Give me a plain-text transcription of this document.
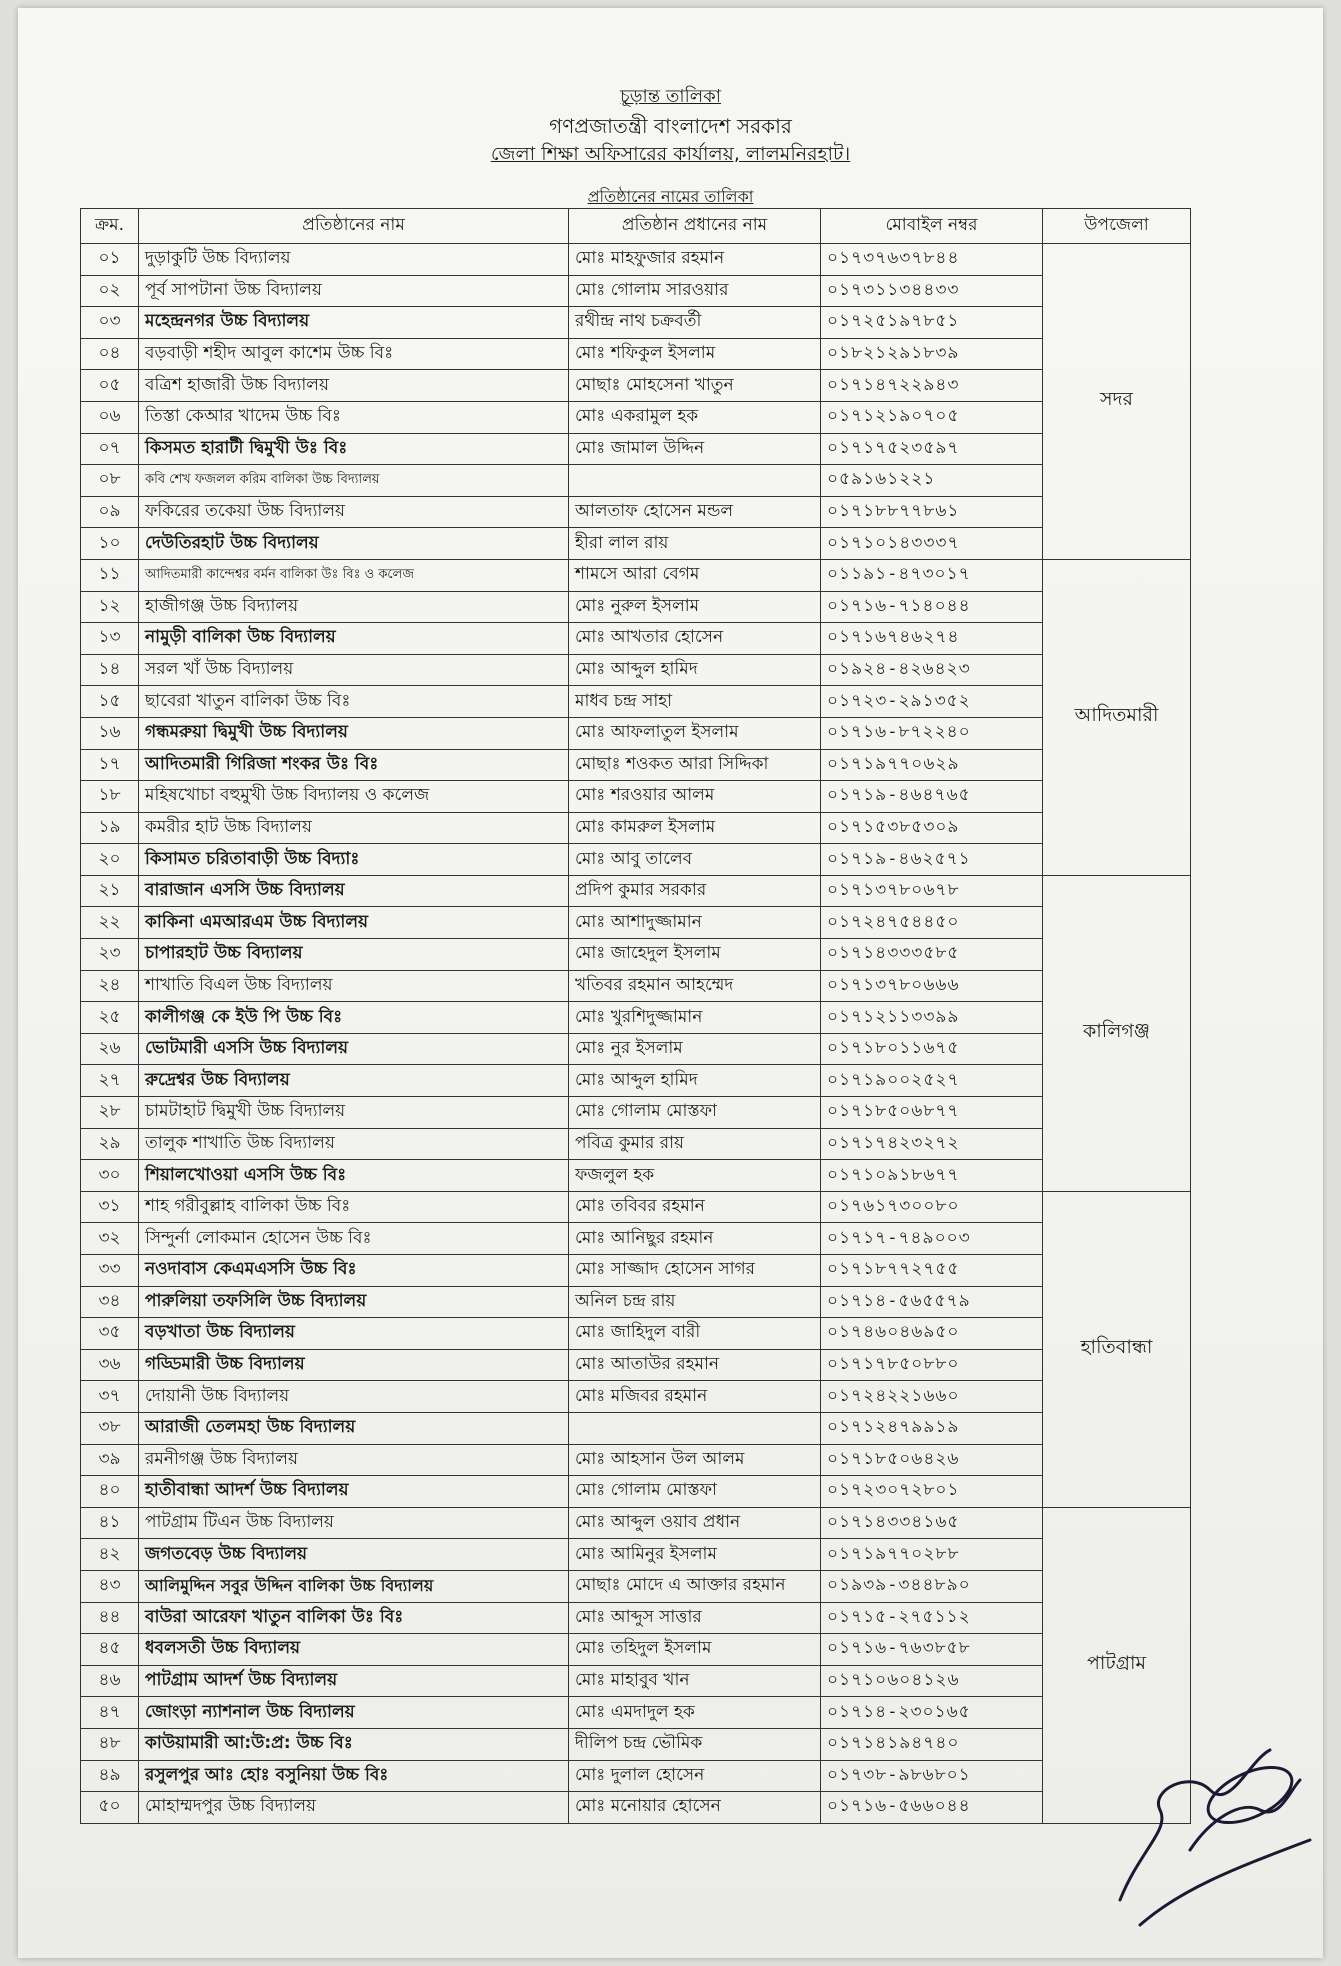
চূড়ান্ত তালিকা
গণপ্রজাতন্ত্রী বাংলাদেশ সরকার
জেলা শিক্ষা অফিসারের কার্যালয়, লালমনিরহাট।
প্রতিষ্ঠানের নামের তালিকা
ক্রম.	প্রতিষ্ঠানের নাম	প্রতিষ্ঠান প্রধানের নাম	মোবাইল নম্বর	উপজেলা
০১	দুড়াকুটি উচ্চ বিদ্যালয়	মোঃ মাহফুজার রহমান	০১৭৩৭৬৩৭৮৪৪	সদর
০২	পূর্ব সাপটানা উচ্চ বিদ্যালয়	মোঃ গোলাম সারওয়ার	০১৭৩১১৩৪৪৩৩	
০৩	মহেন্দ্রনগর উচ্চ বিদ্যালয়	রথীন্দ্র নাথ চক্রবর্তী	০১৭২৫১৯৭৮৫১	
০৪	বড়বাড়ী শহীদ আবুল কাশেম উচ্চ বিঃ	মোঃ শফিকুল ইসলাম	০১৮২১২৯১৮৩৯	
০৫	বত্রিশ হাজারী উচ্চ বিদ্যালয়	মোছাঃ মোহসেনা খাতুন	০১৭১৪৭২২৯৪৩	
০৬	তিস্তা কেআর খাদেম উচ্চ বিঃ	মোঃ একরামুল হক	০১৭১২১৯০৭০৫	
০৭	কিসমত হারাটী দ্বিমুখী উঃ বিঃ	মোঃ জামাল উদ্দিন	০১৭১৭৫২৩৫৯৭	
০৮	কবি শেখ ফজলল করিম বালিকা উচ্চ বিদ্যালয়		০৫৯১৬১২২১	
০৯	ফকিরের তকেয়া উচ্চ বিদ্যালয়	আলতাফ হোসেন মন্ডল	০১৭১৮৮৭৭৮৬১	
১০	দেউতিরহাট উচ্চ বিদ্যালয়	হীরা লাল রায়	০১৭১০১৪৩৩৩৭	
১১	আদিতমারী কান্দেশ্বর বর্মন বালিকা উঃ বিঃ ও কলেজ	শামসে আরা বেগম	০১১৯১-৪৭৩০১৭	আদিতমারী
১২	হাজীগঞ্জ উচ্চ বিদ্যালয়	মোঃ নুরুল ইসলাম	০১৭১৬-৭১৪০৪৪	
১৩	নামুড়ী বালিকা উচ্চ বিদ্যালয়	মোঃ আখতার হোসেন	০১৭১৬৭৪৬২৭৪	
১৪	সরল খাঁ উচ্চ বিদ্যালয়	মোঃ আব্দুল হামিদ	০১৯২৪-৪২৬৪২৩	
১৫	ছাবেরা খাতুন বালিকা উচ্চ বিঃ	মাধব চন্দ্র সাহা	০১৭২৩-২৯১৩৫২	
১৬	গন্ধমরুয়া দ্বিমুখী উচ্চ বিদ্যালয়	মোঃ আফলাতুল ইসলাম	০১৭১৬-৮৭২২৪০	
১৭	আদিতমারী গিরিজা শংকর উঃ বিঃ	মোছাঃ শওকত আরা সিদ্দিকা	০১৭১৯৭৭০৬২৯	
১৮	মহিষখোচা বহুমুখী উচ্চ বিদ্যালয় ও কলেজ	মোঃ শরওয়ার আলম	০১৭১৯-৪৬৪৭৬৫	
১৯	কমরীর হাট উচ্চ বিদ্যালয়	মোঃ কামরুল ইসলাম	০১৭১৫৩৮৫৩০৯	
২০	কিসামত চরিতাবাড়ী উচ্চ বিদ্যাঃ	মোঃ আবু তালেব	০১৭১৯-৪৬২৫৭১	
২১	বারাজান এসসি উচ্চ বিদ্যালয়	প্রদিপ কুমার সরকার	০১৭১৩৭৮০৬৭৮	কালিগঞ্জ
২২	কাকিনা এমআরএম উচ্চ বিদ্যালয়	মোঃ আশাদুজ্জামান	০১৭২৪৭৫৪৪৫০	
২৩	চাপারহাট উচ্চ বিদ্যালয়	মোঃ জাহেদুল ইসলাম	০১৭১৪৩৩৩৫৮৫	
২৪	শাখাতি বিএল উচ্চ বিদ্যালয়	খতিবর রহমান আহম্মেদ	০১৭১৩৭৮০৬৬৬	
২৫	কালীগঞ্জ কে ইউ পি উচ্চ বিঃ	মোঃ খুরশিদুজ্জামান	০১৭১২১১৩৩৯৯	
২৬	ভোটমারী এসসি উচ্চ বিদ্যালয়	মোঃ নুর ইসলাম	০১৭১৮০১১৬৭৫	
২৭	রুদ্রেশ্বর উচ্চ বিদ্যালয়	মোঃ আব্দুল হামিদ	০১৭১৯০০২৫২৭	
২৮	চামটাহাট দ্বিমুখী উচ্চ বিদ্যালয়	মোঃ গোলাম মোস্তফা	০১৭১৮৫০৬৮৭৭	
২৯	তালুক শাখাতি উচ্চ বিদ্যালয়	পবিত্র কুমার রায়	০১৭১৭৪২৩২৭২	
৩০	শিয়ালখোওয়া এসসি উচ্চ বিঃ	ফজলুল হক	০১৭১০৯১৮৬৭৭	
৩১	শাহ গরীবুল্লাহ বালিকা উচ্চ বিঃ	মোঃ তবিবর রহমান	০১৭৬১৭৩০০৮০	হাতিবান্ধা
৩২	সিন্দুর্না লোকমান হোসেন উচ্চ বিঃ	মোঃ আনিছুর রহমান	০১৭১৭-৭৪৯০০৩	
৩৩	নওদাবাস কেএমএসসি উচ্চ বিঃ	মোঃ সাজ্জাদ হোসেন সাগর	০১৭১৮৭৭২৭৫৫	
৩৪	পারুলিয়া তফসিলি উচ্চ বিদ্যালয়	অনিল চন্দ্র রায়	০১৭১৪-৫৬৫৫৭৯	
৩৫	বড়খাতা উচ্চ বিদ্যালয়	মোঃ জাহিদুল বারী	০১৭৪৬০৪৬৯৫০	
৩৬	গড্ডিমারী উচ্চ বিদ্যালয়	মোঃ আতাউর রহমান	০১৭১৭৮৫০৮৮০	
৩৭	দোয়ানী উচ্চ বিদ্যালয়	মোঃ মজিবর রহমান	০১৭২৪২২১৬৬০	
৩৮	আরাজী তেলমহা উচ্চ বিদ্যালয়		০১৭১২৪৭৯৯১৯	
৩৯	রমনীগঞ্জ উচ্চ বিদ্যালয়	মোঃ আহসান উল আলম	০১৭১৮৫০৬৪২৬	
৪০	হাতীবান্ধা আদর্শ উচ্চ বিদ্যালয়	মোঃ গোলাম মোস্তফা	০১৭২৩০৭২৮০১	
৪১	পাটগ্রাম টিএন উচ্চ বিদ্যালয়	মোঃ আব্দুল ওয়াব প্রধান	০১৭১৪৩৩৪১৬৫	পাটগ্রাম
৪২	জগতবেড় উচ্চ বিদ্যালয়	মোঃ আমিনুর ইসলাম	০১৭১৯৭৭০২৮৮	
৪৩	আলিমুদ্দিন সবুর উদ্দিন বালিকা উচ্চ বিদ্যালয়	মোছাঃ মোদে এ আক্তার রহমান	০১৯৩৯-৩৪৪৮৯০	
৪৪	বাউরা আরেফা খাতুন বালিকা উঃ বিঃ	মোঃ আব্দুস সাত্তার	০১৭১৫-২৭৫১১২	
৪৫	ধবলসতী উচ্চ বিদ্যালয়	মোঃ তহিদুল ইসলাম	০১৭১৬-৭৬৩৮৫৮	
৪৬	পাটগ্রাম আদর্শ উচ্চ বিদ্যালয়	মোঃ মাহাবুব খান	০১৭১০৬০৪১২৬	
৪৭	জোংড়া ন্যাশনাল উচ্চ বিদ্যালয়	মোঃ এমদাদুল হক	০১৭১৪-২৩০১৬৫	
৪৮	কাউয়ামারী আ:উ:প্র: উচ্চ বিঃ	দীলিপ চন্দ্র ভৌমিক	০১৭১৪১৯৪৭৪০	
৪৯	রসুলপুর আঃ হোঃ বসুনিয়া উচ্চ বিঃ	মোঃ দুলাল হোসেন	০১৭৩৮-৯৮৬৮০১	
৫০	মোহাম্মদপুর উচ্চ বিদ্যালয়	মোঃ মনোয়ার হোসেন	০১৭১৬-৫৬৬০৪৪	
